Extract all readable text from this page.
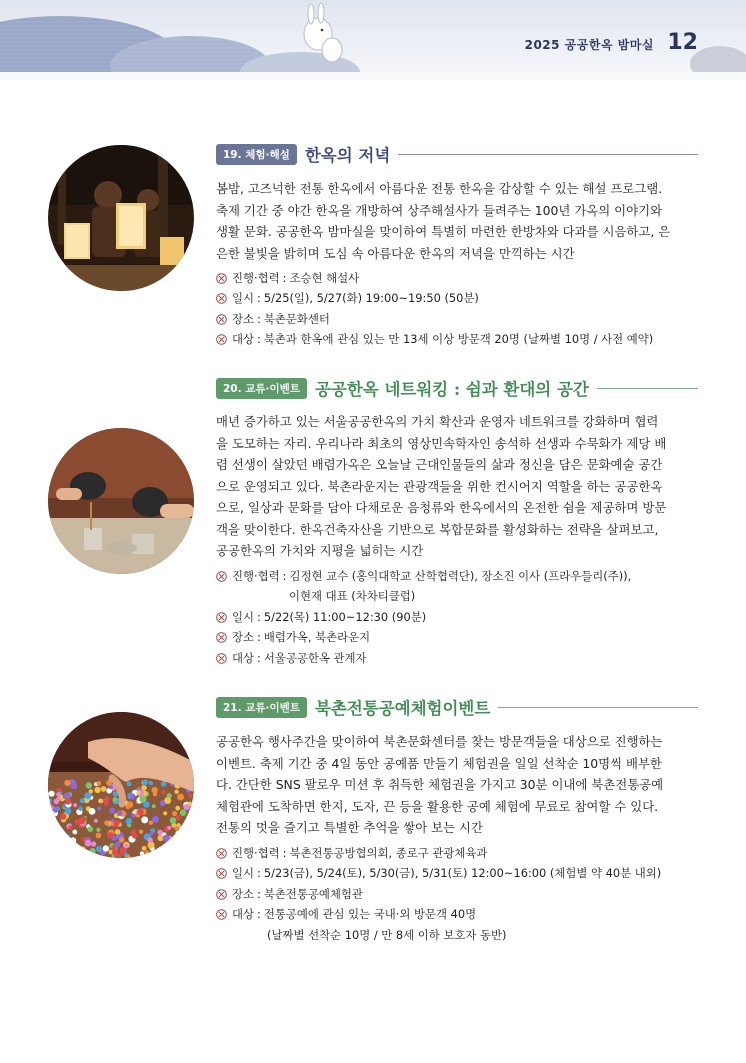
2025 공공한옥 밤마실 12
19. 체험·해설 한옥의 저녁
봄밤, 고즈넉한 전통 한옥에서 아름다운 전통 한옥을 감상할 수 있는 해설 프로그램.
축제 기간 중 야간 한옥을 개방하여 상주해설사가 들려주는 100년 가옥의 이야기와
생활 문화. 공공한옥 밤마실을 맞이하여 특별히 마련한 한방차와 다과를 시음하고, 은
은한 불빛을 밝히며 도심 속 아름다운 한옥의 저녁을 만끽하는 시간
진행·협력 : 조승현 해설사
일시 : 5/25(일), 5/27(화) 19:00~19:50 (50분)
장소 : 북촌문화센터
대상 : 북촌과 한옥에 관심 있는 만 13세 이상 방문객 20명 (날짜별 10명 / 사전 예약)
20. 교류·이벤트 공공한옥 네트워킹 : 쉼과 환대의 공간
매년 증가하고 있는 서울공공한옥의 가치 확산과 운영자 네트워크를 강화하며 협력
을 도모하는 자리. 우리나라 최초의 영상민속학자인 송석하 선생과 수묵화가 제당 배
렴 선생이 살았던 배렴가옥은 오늘날 근대인물들의 삶과 정신을 담은 문화예술 공간
으로 운영되고 있다. 북촌라운지는 관광객들을 위한 컨시어지 역할을 하는 공공한옥
으로, 일상과 문화를 담아 다채로운 음청류와 한옥에서의 온전한 쉼을 제공하며 방문
객을 맞이한다. 한옥건축자산을 기반으로 복합문화를 활성화하는 전략을 살펴보고,
공공한옥의 가치와 지평을 넓히는 시간
진행·협력 : 김정현 교수 (홍익대학교 산학협력단), 장소진 이사 (프라우들리(주)),
이현재 대표 (차차티클럽)
일시 : 5/22(목) 11:00~12:30 (90분)
장소 : 배렴가옥, 북촌라운지
대상 : 서울공공한옥 관계자
21. 교류·이벤트 북촌전통공예체험이벤트
공공한옥 행사주간을 맞이하여 북촌문화센터를 찾는 방문객들을 대상으로 진행하는
이벤트. 축제 기간 중 4일 동안 공예품 만들기 체험권을 일일 선착순 10명씩 배부한
다. 간단한 SNS 팔로우 미션 후 취득한 체험권을 가지고 30분 이내에 북촌전통공예
체험관에 도착하면 한지, 도자, 끈 등을 활용한 공예 체험에 무료로 참여할 수 있다.
전통의 멋을 즐기고 특별한 추억을 쌓아 보는 시간
진행·협력 : 북촌전통공방협의회, 종로구 관광체육과
일시 : 5/23(금), 5/24(토), 5/30(금), 5/31(토) 12:00~16:00 (체험별 약 40분 내외)
장소 : 북촌전통공예체험관
대상 : 전통공예에 관심 있는 국내·외 방문객 40명
(날짜별 선착순 10명 / 만 8세 이하 보호자 동반)
